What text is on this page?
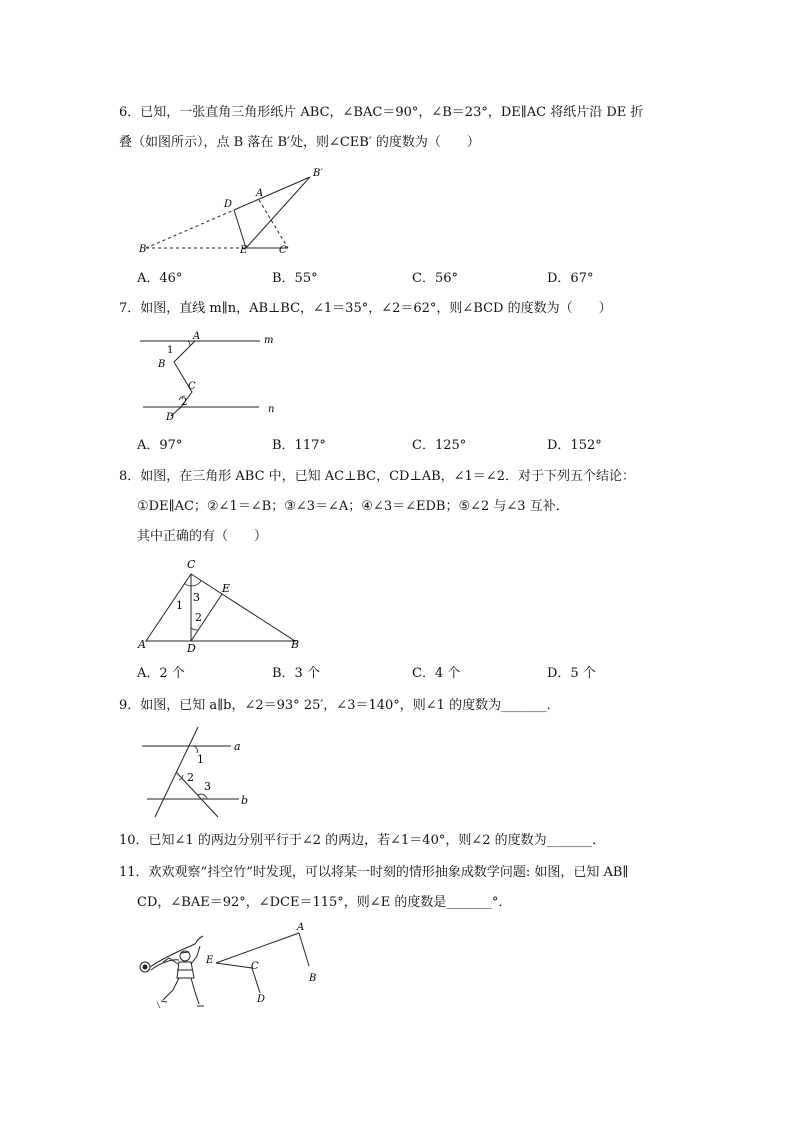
6．已知，一张直角三角形纸片 ABC，∠BAC＝90°，∠B＝23°，DE∥AC 将纸片沿 DE 折
叠（如图所示），点 B 落在 B′处，则∠CEB′ 的度数为（　　）
B′
A
D
B	E	C
A．46°	B．55°	C．56°	D．67°
7．如图，直线 m∥n，AB⊥BC，∠1＝35°，∠2＝62°，则∠BCD 的度数为（　　）
A	m
1
B
C
2
D
n
A．97°	B．117°	C．125°	D．152°
8．如图，在三角形 ABC 中，已知 AC⊥BC，CD⊥AB，∠1＝∠2．对于下列五个结论：
①DE∥AC；②∠1＝∠B；③∠3＝∠A；④∠3＝∠EDB；⑤∠2 与∠3 互补．
其中正确的有（　　）
C
E
3
1
2
A	D	B
A．2 个	B．3 个	C．4 个	D．5 个
9．如图，已知 a∥b，∠2＝93° 25′，∠3＝140°，则∠1 的度数为_______．
a
1
2
3
b
10．已知∠1 的两边分别平行于∠2 的两边，若∠1＝40°，则∠2 的度数为_______．
11．欢欢观察“抖空竹”时发现，可以将某一时刻的情形抽象成数学问题: 如图，已知 AB∥
CD，∠BAE＝92°，∠DCE＝115°，则∠E 的度数是_______°．
A
E
C
B
D
